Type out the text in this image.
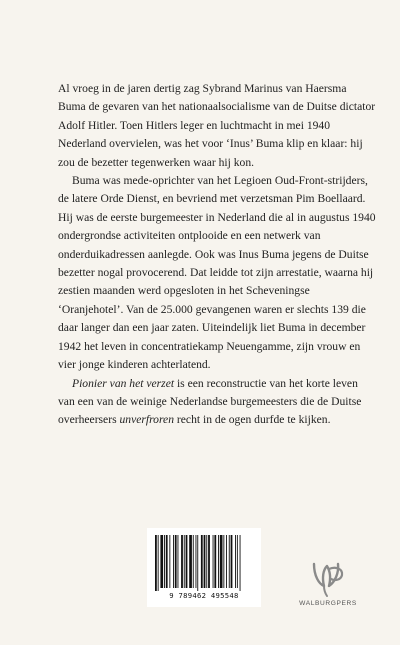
Al vroeg in de jaren dertig zag Sybrand Marinus van Haersma Buma de gevaren van het nationaalsocialisme van de Duitse dictator Adolf Hitler. Toen Hitlers leger en luchtmacht in mei 1940 Nederland overvielen, was het voor ‘Inus’ Buma klip en klaar: hij zou de bezetter tegenwerken waar hij kon.

Buma was mede-oprichter van het Legioen Oud-Front-strijders, de latere Orde Dienst, en bevriend met verzetsman Pim Boellaard. Hij was de eerste burgemeester in Nederland die al in augustus 1940 ondergrondse activiteiten ontplooide en een netwerk van onderduikadressen aanlegde. Ook was Inus Buma jegens de Duitse bezetter nogal provocerend. Dat leidde tot zijn arrestatie, waarna hij zestien maanden werd opgesloten in het Scheveningse ‘Oranjehotel’. Van de 25.000 gevangenen waren er slechts 139 die daar langer dan een jaar zaten. Uiteindelijk liet Buma in december 1942 het leven in concentratiekamp Neuengamme, zijn vrouw en vier jonge kinderen achterlatend.

Pionier van het verzet is een reconstructie van het korte leven van een van de weinige Nederlandse burgemeesters die de Duitse overheersers unverfroren recht in de ogen durfde te kijken.

9 789462 495548
WALBURGPERS
